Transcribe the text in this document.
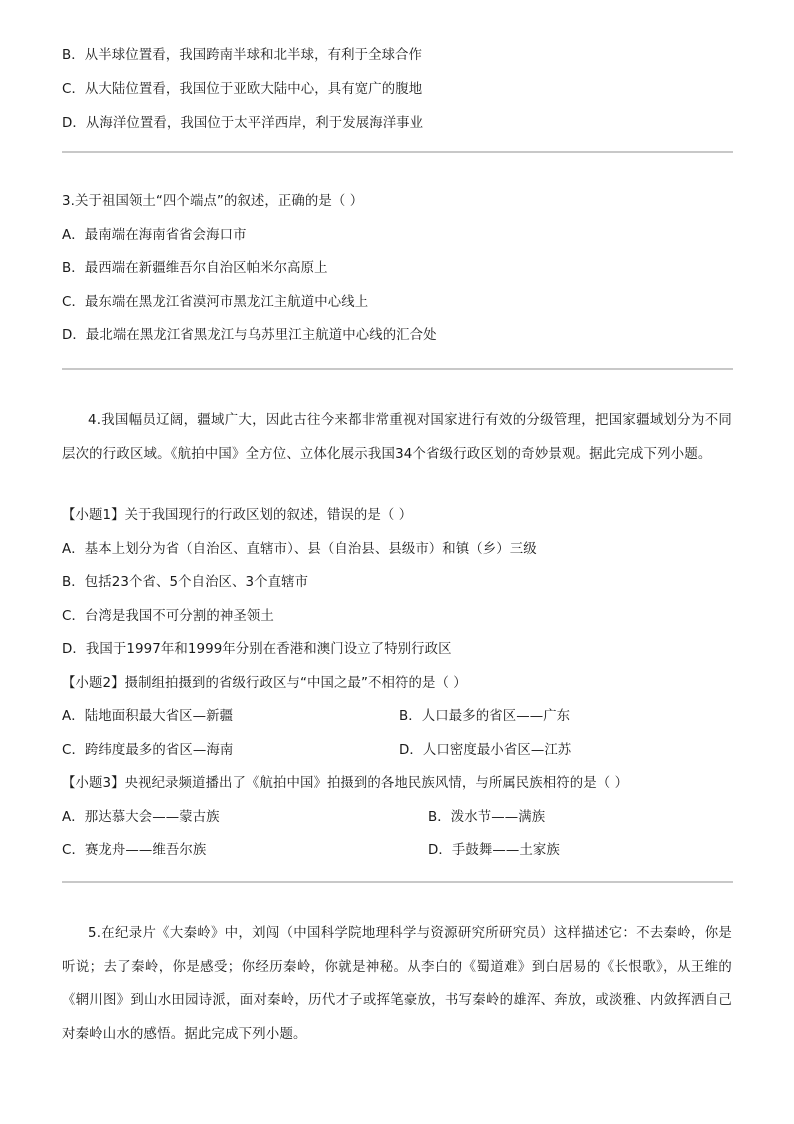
B．从半球位置看，我国跨南半球和北半球，有利于全球合作
C．从大陆位置看，我国位于亚欧大陆中心，具有宽广的腹地
D．从海洋位置看，我国位于太平洋西岸，利于发展海洋事业
3.关于祖国领土“四个端点”的叙述，正确的是（ ）
A．最南端在海南省省会海口市
B．最西端在新疆维吾尔自治区帕米尔高原上
C．最东端在黑龙江省漠河市黑龙江主航道中心线上
D．最北端在黑龙江省黑龙江与乌苏里江主航道中心线的汇合处
4.我国幅员辽阔，疆域广大，因此古往今来都非常重视对国家进行有效的分级管理，把国家疆域划分为不同层次的行政区域。《航拍中国》全方位、立体化展示我国34个省级行政区划的奇妙景观。据此完成下列小题。
【小题1】关于我国现行的行政区划的叙述，错误的是（ ）
A．基本上划分为省（自治区、直辖市）、县（自治县、县级市）和镇（乡）三级
B．包括23个省、5个自治区、3个直辖市
C．台湾是我国不可分割的神圣领土
D．我国于1997年和1999年分别在香港和澳门设立了特别行政区
【小题2】摄制组拍摄到的省级行政区与“中国之最”不相符的是（ ）
A．陆地面积最大省区—新疆	B．人口最多的省区——广东
C．跨纬度最多的省区—海南	D．人口密度最小省区—江苏
【小题3】央视纪录频道播出了《航拍中国》拍摄到的各地民族风情，与所属民族相符的是（ ）
A．那达慕大会——蒙古族	B．泼水节——满族
C．赛龙舟——维吾尔族	D．手鼓舞——土家族
5.在纪录片《大秦岭》中，刘闯（中国科学院地理科学与资源研究所研究员）这样描述它：不去秦岭，你是听说；去了秦岭，你是感受；你经历秦岭，你就是神秘。从李白的《蜀道难》到白居易的《长恨歌》，从王维的《辋川图》到山水田园诗派，面对秦岭，历代才子或挥笔豪放，书写秦岭的雄浑、奔放，或淡雅、内敛挥洒自己对秦岭山水的感悟。据此完成下列小题。
